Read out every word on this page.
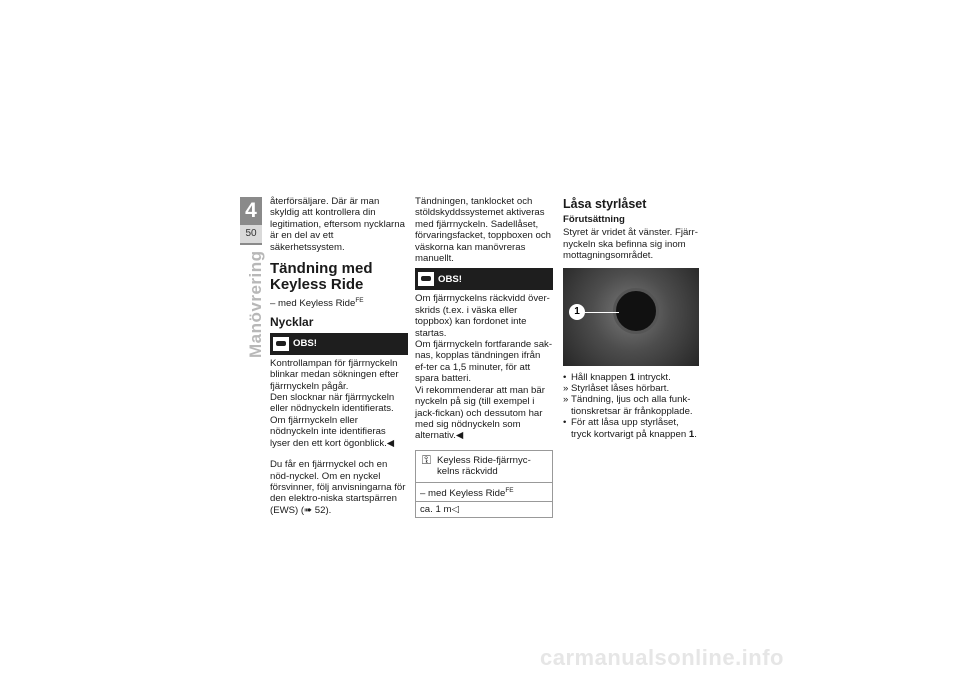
4
50
Manövrering

återförsäljare. Där är man skyldig att kontrollera din legitimation, eftersom nycklarna är en del av ett säkerhetssystem.

Tändning med Keyless Ride

– med Keyless Ride$^{FE}$

Nycklar
OBS!

Kontrollampan för fjärrnyckeln blinkar medan sökningen efter fjärrnyckeln pågår.
Den slocknar när fjärrnyckeln eller nödnyckeln identifierats.
Om fjärrnyckeln eller nödnyckeln inte identifieras lyser den ett kort ögonblick.◀

Du får en fjärrnyckel och en nöd-nyckel. Om en nyckel försvinner, följ anvisningarna för den elektro-niska startspärren (EWS) (➠ 52).

Tändningen, tanklocket och stöldskyddssystemet aktiveras med fjärrnyckeln. Sadellåset, förvaringsfacket, toppboxen och väskorna kan manövreras manuellt.

OBS!

Om fjärrnyckelns räckvidd över-skrids (t.ex. i väska eller toppbox) kan fordonet inte startas.
Om fjärrnyckeln fortfarande sak-nas, kopplas tändningen ifrån ef-ter ca 1,5 minuter, för att spara batteri.
Vi rekommenderar att man bär nyckeln på sig (till exempel i jack-fickan) och dessutom har med sig nödnyckeln som alternativ.◀

⚿ Keyless Ride-fjärrnyc-kelns räckvidd
– med Keyless Ride$^{FE}$
ca. 1 m◁
Låsa styrlåset
Förutsättning

Styret är vridet åt vänster. Fjärr-nyckeln ska befinna sig inom mottagningsområdet.

1
• Håll knappen 1 intryckt.
» Styrlåset låses hörbart.
» Tändning, ljus och alla funk-tionskretsar är frånkopplade.
• För att låsa upp styrlåset, tryck kortvarigt på knappen 1.
carmanualsonline.info
